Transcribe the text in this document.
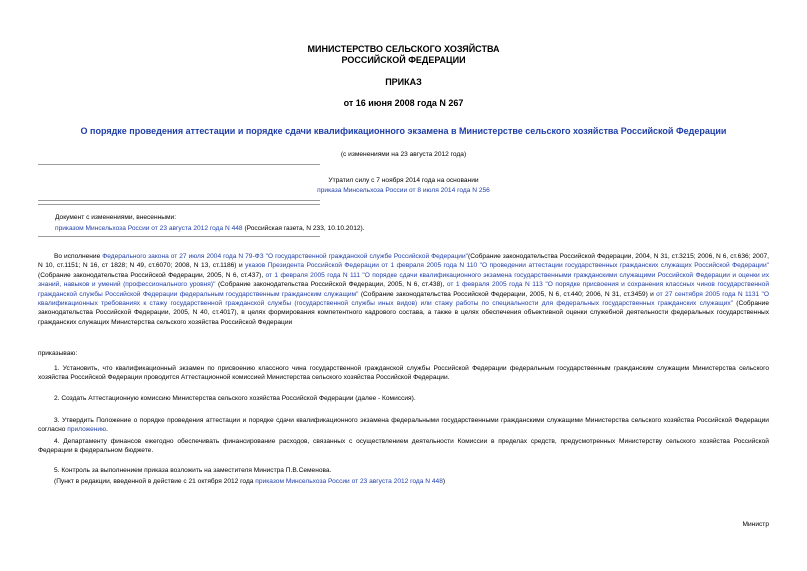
МИНИСТЕРСТВО СЕЛЬСКОГО ХОЗЯЙСТВА
РОССИЙСКОЙ ФЕДЕРАЦИИ
ПРИКАЗ
от 16 июня 2008 года N 267
О порядке проведения аттестации и порядке сдачи квалификационного экзамена в Министерстве сельского хозяйства Российской Федерации
(с изменениями на 23 августа 2012 года)
Утратил силу с 7 ноября 2014 года на основании
приказа Минсельхоза России от 8 июля 2014 года N 256
Документ с изменениями, внесенными:
приказом Минсельхоза России от 23 августа 2012 года N 448 (Российская газета, N 233, 10.10.2012).
Во исполнение Федерального закона от 27 июля 2004 года N 79-ФЗ "О государственной гражданской службе Российской Федерации"(Собрание законодательства Российской Федерации, 2004, N 31, ст.3215; 2006, N 6, ст.636; 2007, N 10, ст.1151; N 16, ст 1828; N 49, ст.6070; 2008, N 13, ст.1186) и указов Президента Российской Федерации от 1 февраля 2005 года N 110 "О проведении аттестации государственных гражданских служащих Российской Федерации" (Собрание законодательства Российской Федерации, 2005, N 6, ст.437), от 1 февраля 2005 года N 111 "О порядке сдачи квалификационного экзамена государственными гражданскими служащими Российской Федерации и оценки их знаний, навыков и умений (профессионального уровня)" (Собрание законодательства Российской Федерации, 2005, N 6, ст.438), от 1 февраля 2005 года N 113 "О порядке присвоения и сохранения классных чинов государственной гражданской службы Российской Федерации федеральным государственным гражданским служащим" (Собрание законодательства Российской Федерации, 2005, N 6, ст.440; 2006, N 31, ст.3459) и от 27 сентября 2005 года N 1131 "О квалификационных требованиях к стажу государственной гражданской службы (государственной службы иных видов) или стажу работы по специальности для федеральных государственных гражданских служащих" (Собрание законодательства Российской Федерации, 2005, N 40, ст.4017), в целях формирования компетентного кадрового состава, а также в целях обеспечения объективной оценки служебной деятельности федеральных государственных гражданских служащих Министерства сельского хозяйства Российской Федерации
приказываю:
1. Установить, что квалификационный экзамен по присвоению классного чина государственной гражданской службы Российской Федерации федеральным государственным гражданским служащим Министерства сельского хозяйства Российской Федерации проводится Аттестационной комиссией Министерства сельского хозяйства Российской Федерации.
2. Создать Аттестационную комиссию Министерства сельского хозяйства Российской Федерации (далее - Комиссия).
3. Утвердить Положение о порядке проведения аттестации и порядке сдачи квалификационного экзамена федеральными государственными гражданскими служащими Министерства сельского хозяйства Российской Федерации согласно приложению.
4. Департаменту финансов ежегодно обеспечивать финансирование расходов, связанных с осуществлением деятельности Комиссии в пределах средств, предусмотренных Министерству сельского хозяйства Российской Федерации в федеральном бюджете.
5. Контроль за выполнением приказа возложить на заместителя Министра П.В.Семенова.
(Пункт в редакции, введенной в действие с 21 октября 2012 года приказом Минсельхоза России от 23 августа 2012 года N 448)
Министр
